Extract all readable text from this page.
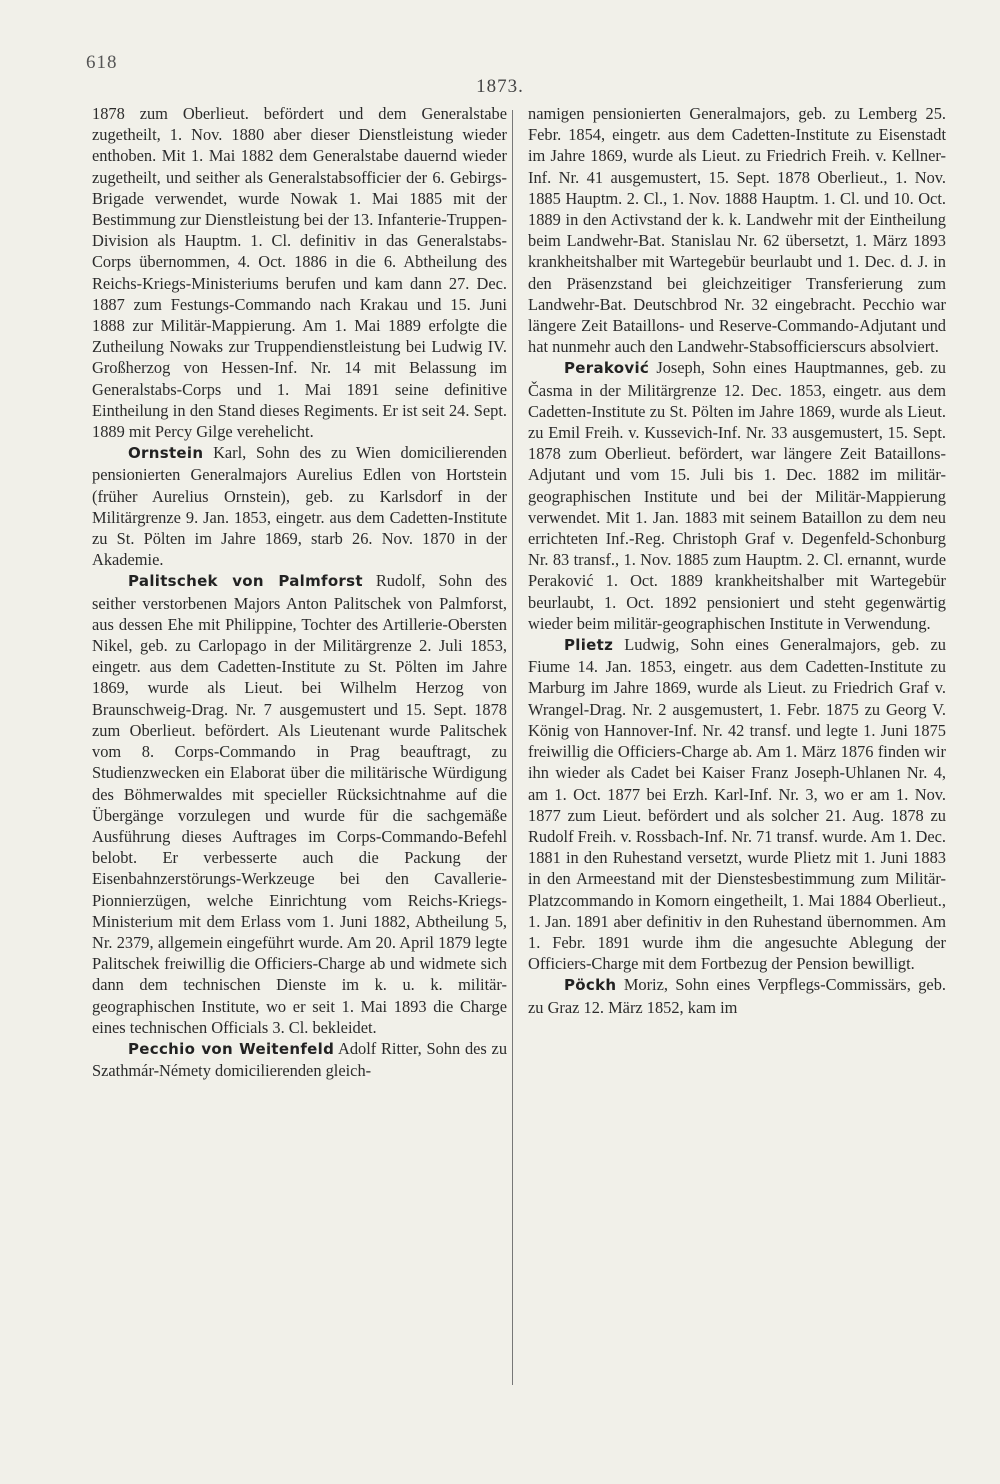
618
1873.

1878 zum Oberlieut. befördert und dem Generalstabe zugetheilt, 1. Nov. 1880 aber dieser Dienstleistung wieder enthoben. Mit 1. Mai 1882 dem Generalstabe dauernd wieder zugetheilt, und seither als Generalstabsofficier der 6. Gebirgs-Brigade verwendet, wurde Nowak 1. Mai 1885 mit der Bestimmung zur Dienstleistung bei der 13. Infanterie-Truppen-Division als Hauptm. 1. Cl. definitiv in das Generalstabs-Corps übernommen, 4. Oct. 1886 in die 6. Abtheilung des Reichs-Kriegs-Ministeriums berufen und kam dann 27. Dec. 1887 zum Festungs-Commando nach Krakau und 15. Juni 1888 zur Militär-Mappierung. Am 1. Mai 1889 erfolgte die Zutheilung Nowaks zur Truppendienstleistung bei Ludwig IV. Großherzog von Hessen-Inf. Nr. 14 mit Belassung im Generalstabs-Corps und 1. Mai 1891 seine definitive Eintheilung in den Stand dieses Regiments. Er ist seit 24. Sept. 1889 mit Percy Gilge verehelicht.

Ornstein Karl, Sohn des zu Wien domicilierenden pensionierten Generalmajors Aurelius Edlen von Hortstein (früher Aurelius Ornstein), geb. zu Karlsdorf in der Militärgrenze 9. Jan. 1853, eingetr. aus dem Cadetten-Institute zu St. Pölten im Jahre 1869, starb 26. Nov. 1870 in der Akademie.

Palitschek von Palmforst Rudolf, Sohn des seither verstorbenen Majors Anton Palitschek von Palmforst, aus dessen Ehe mit Philippine, Tochter des Artillerie-Obersten Nikel, geb. zu Carlopago in der Militärgrenze 2. Juli 1853, eingetr. aus dem Cadetten-Institute zu St. Pölten im Jahre 1869, wurde als Lieut. bei Wilhelm Herzog von Braunschweig-Drag. Nr. 7 ausgemustert und 15. Sept. 1878 zum Oberlieut. befördert. Als Lieutenant wurde Palitschek vom 8. Corps-Commando in Prag beauftragt, zu Studienzwecken ein Elaborat über die militärische Würdigung des Böhmerwaldes mit specieller Rücksichtnahme auf die Übergänge vorzulegen und wurde für die sachgemäße Ausführung dieses Auftrages im Corps-Commando-Befehl belobt. Er verbesserte auch die Packung der Eisenbahnzerstörungs-Werkzeuge bei den Cavallerie-Pionnierzügen, welche Einrichtung vom Reichs-Kriegs-Ministerium mit dem Erlass vom 1. Juni 1882, Abtheilung 5, Nr. 2379, allgemein eingeführt wurde. Am 20. April 1879 legte Palitschek freiwillig die Officiers-Charge ab und widmete sich dann dem technischen Dienste im k. u. k. militär-geographischen Institute, wo er seit 1. Mai 1893 die Charge eines technischen Officials 3. Cl. bekleidet.

Pecchio von Weitenfeld Adolf Ritter, Sohn des zu Szathmár-Némety domicilierenden gleich-

namigen pensionierten Generalmajors, geb. zu Lemberg 25. Febr. 1854, eingetr. aus dem Cadetten-Institute zu Eisenstadt im Jahre 1869, wurde als Lieut. zu Friedrich Freih. v. Kellner-Inf. Nr. 41 ausgemustert, 15. Sept. 1878 Oberlieut., 1. Nov. 1885 Hauptm. 2. Cl., 1. Nov. 1888 Hauptm. 1. Cl. und 10. Oct. 1889 in den Activstand der k. k. Landwehr mit der Eintheilung beim Landwehr-Bat. Stanislau Nr. 62 übersetzt, 1. März 1893 krankheitshalber mit Wartegebür beurlaubt und 1. Dec. d. J. in den Präsenzstand bei gleichzeitiger Transferierung zum Landwehr-Bat. Deutschbrod Nr. 32 eingebracht. Pecchio war längere Zeit Bataillons- und Reserve-Commando-Adjutant und hat nunmehr auch den Landwehr-Stabsofficierscurs absolviert.

Peraković Joseph, Sohn eines Hauptmannes, geb. zu Časma in der Militärgrenze 12. Dec. 1853, eingetr. aus dem Cadetten-Institute zu St. Pölten im Jahre 1869, wurde als Lieut. zu Emil Freih. v. Kussevich-Inf. Nr. 33 ausgemustert, 15. Sept. 1878 zum Oberlieut. befördert, war längere Zeit Bataillons-Adjutant und vom 15. Juli bis 1. Dec. 1882 im militär-geographischen Institute und bei der Militär-Mappierung verwendet. Mit 1. Jan. 1883 mit seinem Bataillon zu dem neu errichteten Inf.-Reg. Christoph Graf v. Degenfeld-Schonburg Nr. 83 transf., 1. Nov. 1885 zum Hauptm. 2. Cl. ernannt, wurde Peraković 1. Oct. 1889 krankheitshalber mit Wartegebür beurlaubt, 1. Oct. 1892 pensioniert und steht gegenwärtig wieder beim militär-geographischen Institute in Verwendung.

Plietz Ludwig, Sohn eines Generalmajors, geb. zu Fiume 14. Jan. 1853, eingetr. aus dem Cadetten-Institute zu Marburg im Jahre 1869, wurde als Lieut. zu Friedrich Graf v. Wrangel-Drag. Nr. 2 ausgemustert, 1. Febr. 1875 zu Georg V. König von Hannover-Inf. Nr. 42 transf. und legte 1. Juni 1875 freiwillig die Officiers-Charge ab. Am 1. März 1876 finden wir ihn wieder als Cadet bei Kaiser Franz Joseph-Uhlanen Nr. 4, am 1. Oct. 1877 bei Erzh. Karl-Inf. Nr. 3, wo er am 1. Nov. 1877 zum Lieut. befördert und als solcher 21. Aug. 1878 zu Rudolf Freih. v. Rossbach-Inf. Nr. 71 transf. wurde. Am 1. Dec. 1881 in den Ruhestand versetzt, wurde Plietz mit 1. Juni 1883 in den Armeestand mit der Dienstesbestimmung zum Militär-Platzcommando in Komorn eingetheilt, 1. Mai 1884 Oberlieut., 1. Jan. 1891 aber definitiv in den Ruhestand übernommen. Am 1. Febr. 1891 wurde ihm die angesuchte Ablegung der Officiers-Charge mit dem Fortbezug der Pension bewilligt.

Pöckh Moriz, Sohn eines Verpflegs-Commissärs, geb. zu Graz 12. März 1852, kam im
